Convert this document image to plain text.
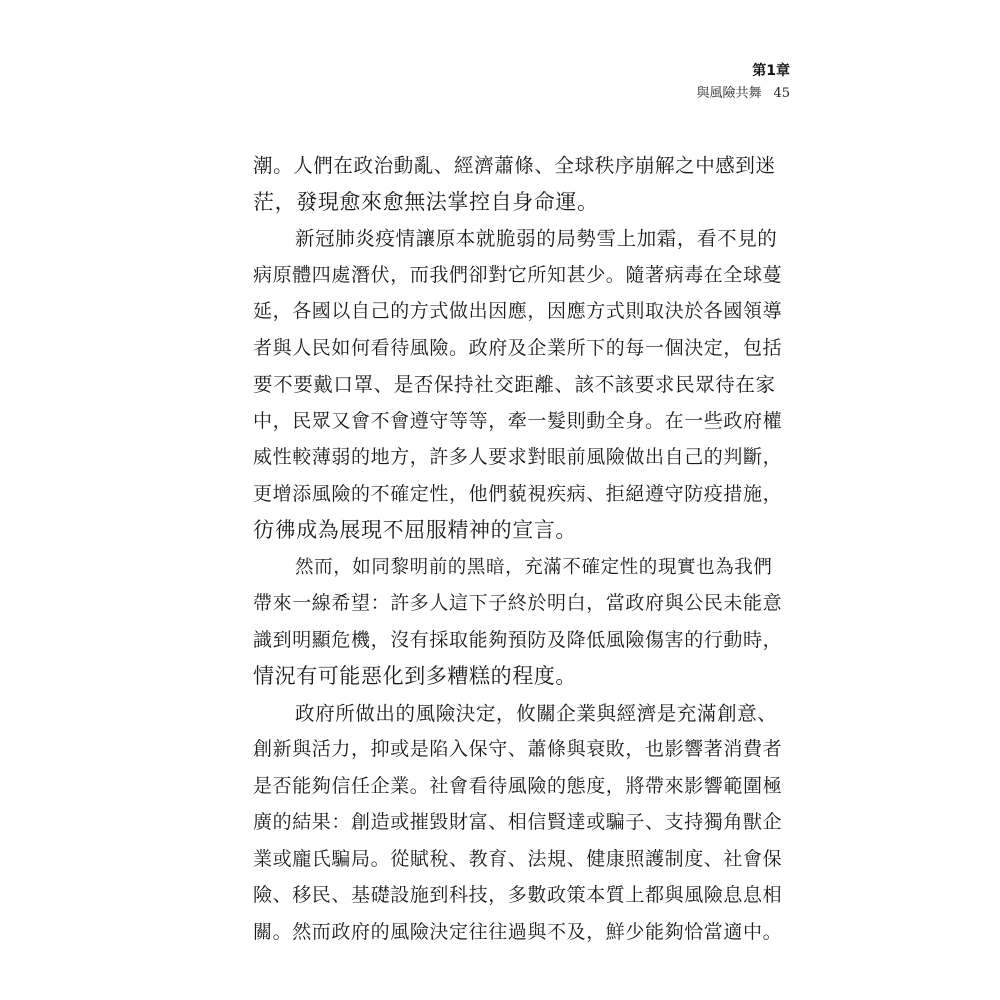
第1章
與風險共舞 45
潮。人們在政治動亂、經濟蕭條、全球秩序崩解之中感到迷
茫，發現愈來愈無法掌控自身命運。
新冠肺炎疫情讓原本就脆弱的局勢雪上加霜，看不見的
病原體四處潛伏，而我們卻對它所知甚少。隨著病毒在全球蔓
延，各國以自己的方式做出因應，因應方式則取決於各國領導
者與人民如何看待風險。政府及企業所下的每一個決定，包括
要不要戴口罩、是否保持社交距離、該不該要求民眾待在家
中，民眾又會不會遵守等等，牽一髮則動全身。在一些政府權
威性較薄弱的地方，許多人要求對眼前風險做出自己的判斷，
更增添風險的不確定性，他們藐視疾病、拒絕遵守防疫措施，
彷彿成為展現不屈服精神的宣言。
然而，如同黎明前的黑暗，充滿不確定性的現實也為我們
帶來一線希望：許多人這下子終於明白，當政府與公民未能意
識到明顯危機，沒有採取能夠預防及降低風險傷害的行動時，
情況有可能惡化到多糟糕的程度。
政府所做出的風險決定，攸關企業與經濟是充滿創意、
創新與活力，抑或是陷入保守、蕭條與衰敗，也影響著消費者
是否能夠信任企業。社會看待風險的態度，將帶來影響範圍極
廣的結果：創造或摧毀財富、相信賢達或騙子、支持獨角獸企
業或龐氏騙局。從賦稅、教育、法規、健康照護制度、社會保
險、移民、基礎設施到科技，多數政策本質上都與風險息息相
關。然而政府的風險決定往往過與不及，鮮少能夠恰當適中。
